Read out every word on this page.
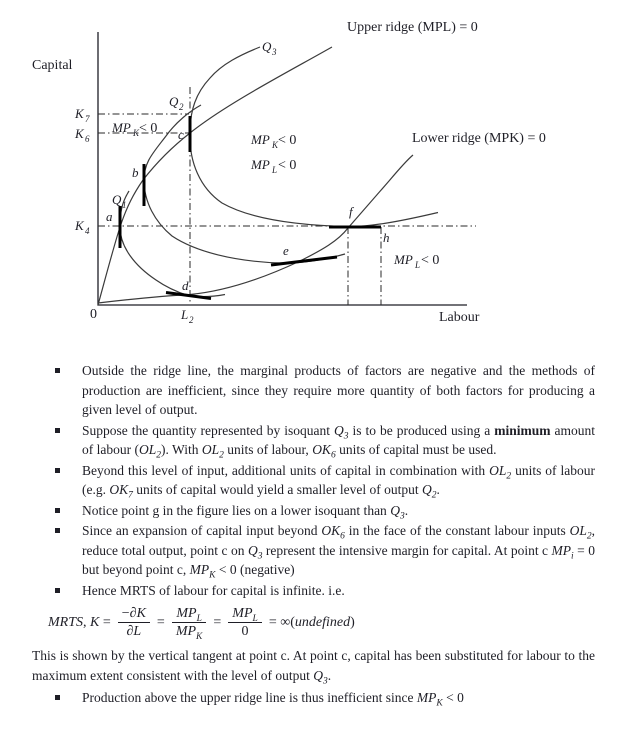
Capital
Labour
0
Upper ridge (MPL) = 0
Lower ridge (MPK) = 0
K 7
K 6
K 4
L 2
Q 3
Q 2
Q 1
a
b
c
d
e
f
h
MP K < 0
MP K < 0
MP L < 0
MP L < 0
Outside the ridge line, the marginal products of factors are negative and the methods of production are inefficient, since they require more quantity of both factors for producing a given level of output.
Suppose the quantity represented by isoquant $Q_3$ is to be produced using a minimum amount of labour $(OL_2)$. With $OL_2$ units of labour, $OK_6$ units of capital must be used.
Beyond this level of input, additional units of capital in combination with $OL_2$ units of labour (e.g. $OK_7$ units of capital would yield a smaller level of output $Q_2$.
Notice point g in the figure lies on a lower isoquant than $Q_3$.
Since an expansion of capital input beyond $OK_6$ in the face of the constant labour inputs $OL_2$, reduce total output, point c on $Q_3$ represent the intensive margin for capital. At point c $MP_i = 0$ but beyond point c, $MP_K < 0$ (negative)
Hence MRTS of labour for capital is infinite. i.e.
MRTS, $K = \frac{-\partial K}{\partial L} = \frac{MP_L}{MP_K} = \frac{MP_L}{0}$ = ∞(undefined)
This is shown by the vertical tangent at point c. At point c, capital has been substituted for labour to the maximum extent consistent with the level of output $Q_3$.
Production above the upper ridge line is thus inefficient since $MP_K < 0$
